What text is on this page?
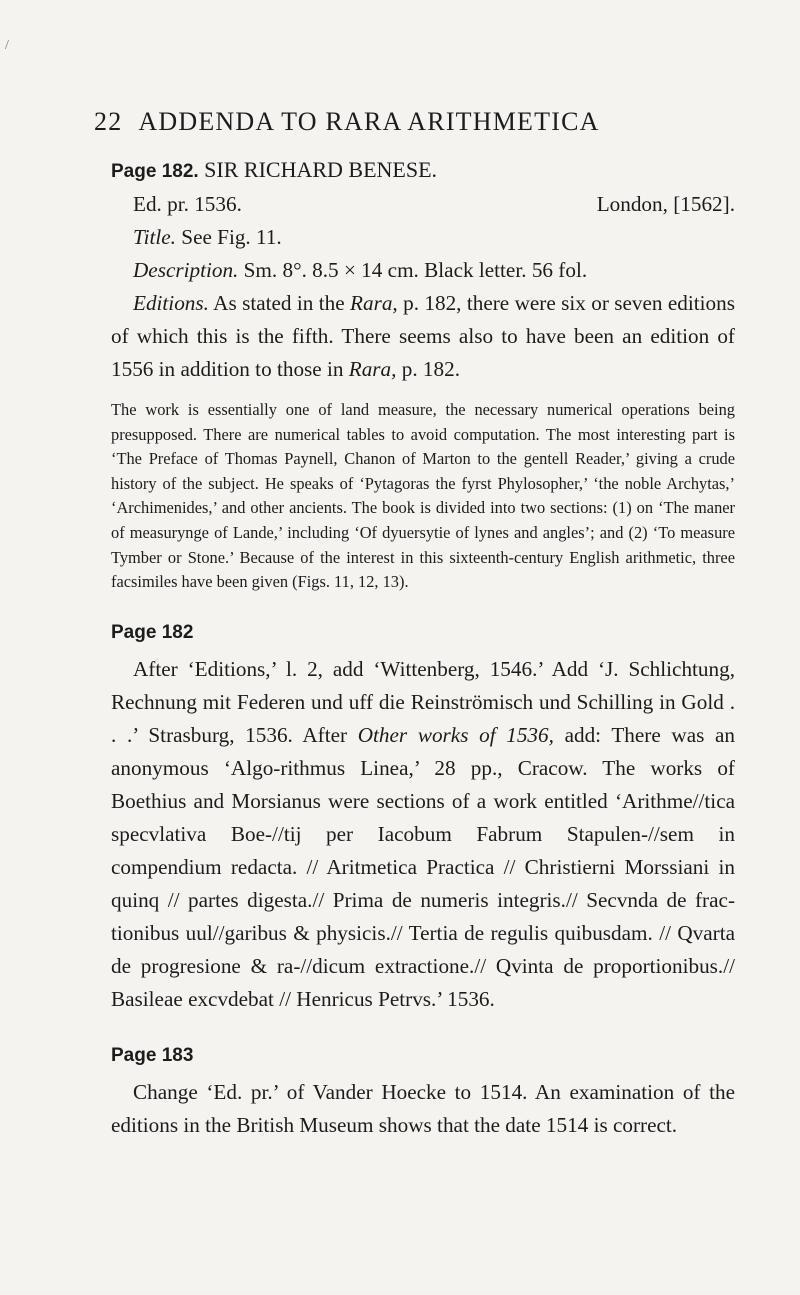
/
22 ADDENDA TO RARA ARITHMETICA

Page 182. SIR RICHARD BENESE.

Ed. pr. 1536.	London, [1562].

Title. See Fig. 11.

Description. Sm. 8°. 8.5 × 14 cm. Black letter. 56 fol.

Editions. As stated in the Rara, p. 182, there were six or seven editions of which this is the fifth. There seems also to have been an edition of 1556 in addition to those in Rara, p. 182.

The work is essentially one of land measure, the necessary numerical operations being presupposed. There are numerical tables to avoid computation. The most interesting part is ‘The Preface of Thomas Paynell, Chanon of Marton to the gentell Reader,’ giving a crude history of the subject. He speaks of ‘Pytagoras the fyrst Phylosopher,’ ‘the noble Archytas,’ ‘Archimenides,’ and other ancients. The book is divided into two sections: (1) on ‘The maner of measurynge of Lande,’ including ‘Of dyuersytie of lynes and angles’; and (2) ‘To measure Tymber or Stone.’ Because of the interest in this sixteenth-century English arithmetic, three facsimiles have been given (Figs. 11, 12, 13).

Page 182

After ‘Editions,’ l. 2, add ‘Wittenberg, 1546.’ Add ‘J. Schlichtung, Rechnung mit Federen und uff die Reinströmisch und Schilling in Gold . . .’ Strasburg, 1536. After Other works of 1536, add: There was an anonymous ‘Algo-rithmus Linea,’ 28 pp., Cracow. The works of Boethius and Morsianus were sections of a work entitled ‘Arithme//tica specvlativa Boe-//tij per Iacobum Fabrum Stapulen-//sem in compendium redacta. // Aritmetica Practica // Christierni Morssiani in quinq // partes digesta.// Prima de numeris integris.// Secvnda de fractionibus uul//garibus & physicis.// Tertia de regulis quibusdam. // Qvarta de progresione & ra-//dicum extractione.// Qvinta de proportionibus.// Basileae excvdebat // Henricus Petrvs.’ 1536.

Page 183

Change ‘Ed. pr.’ of Vander Hoecke to 1514. An examination of the editions in the British Museum shows that the date 1514 is correct.
